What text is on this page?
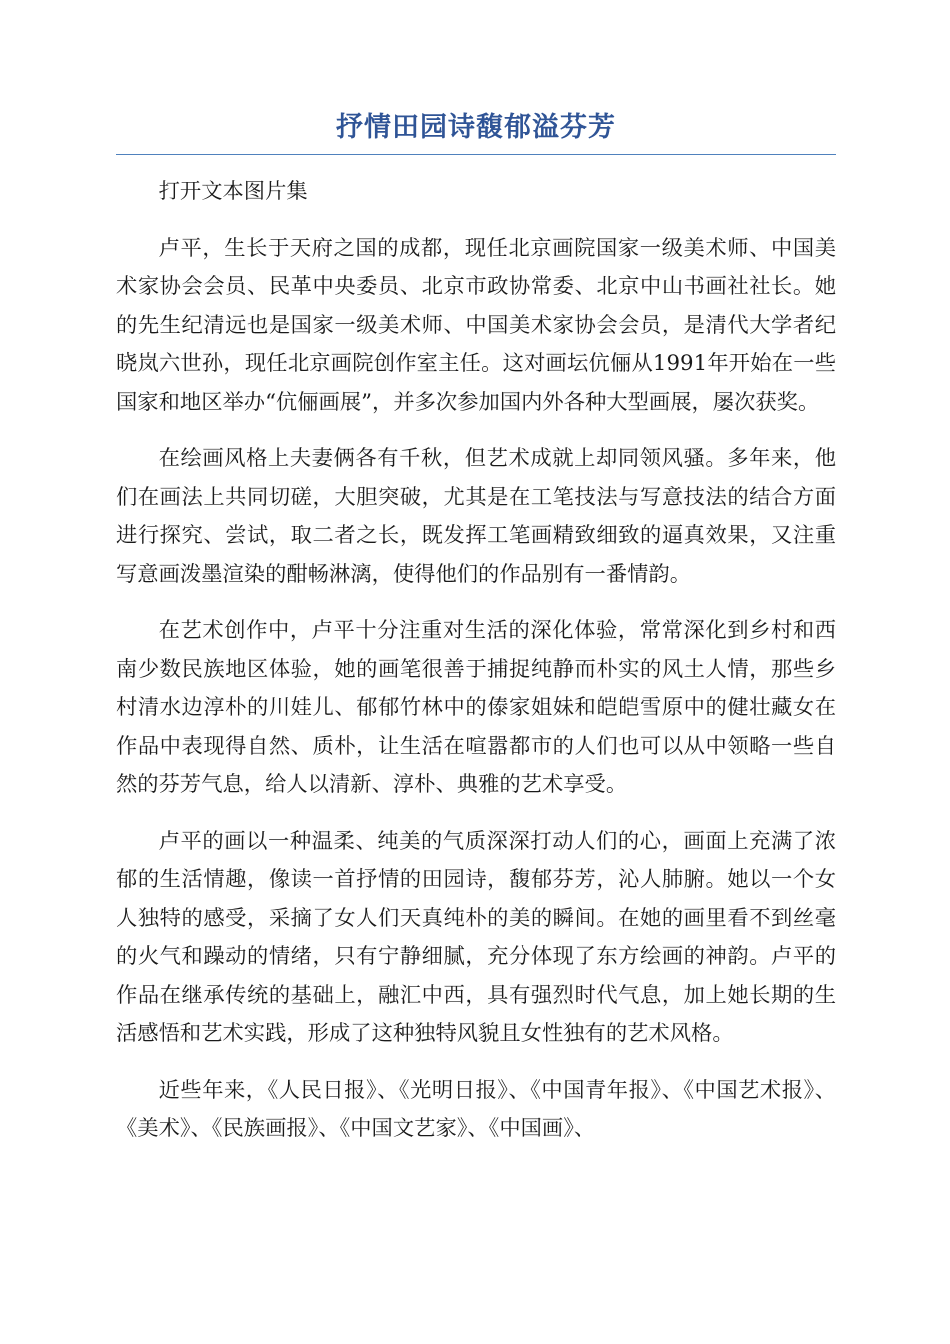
抒情田园诗馥郁溢芬芳

打开文本图片集

卢平，生长于天府之国的成都，现任北京画院国家一级美术师、中国美术家协会会员、民革中央委员、北京市政协常委、北京中山书画社社长。她的先生纪清远也是国家一级美术师、中国美术家协会会员，是清代大学者纪晓岚六世孙，现任北京画院创作室主任。这对画坛伉俪从1991年开始在一些国家和地区举办“伉俪画展”，并多次参加国内外各种大型画展，屡次获奖。

在绘画风格上夫妻俩各有千秋，但艺术成就上却同领风骚。多年来，他们在画法上共同切磋，大胆突破，尤其是在工笔技法与写意技法的结合方面进行探究、尝试，取二者之长，既发挥工笔画精致细致的逼真效果，又注重写意画泼墨渲染的酣畅淋漓，使得他们的作品别有一番情韵。

在艺术创作中，卢平十分注重对生活的深化体验，常常深化到乡村和西南少数民族地区体验，她的画笔很善于捕捉纯静而朴实的风土人情，那些乡村清水边淳朴的川娃儿、郁郁竹林中的傣家姐妹和皑皑雪原中的健壮藏女在作品中表现得自然、质朴，让生活在喧嚣都市的人们也可以从中领略一些自然的芬芳气息，给人以清新、淳朴、典雅的艺术享受。

卢平的画以一种温柔、纯美的气质深深打动人们的心，画面上充满了浓郁的生活情趣，像读一首抒情的田园诗，馥郁芬芳，沁人肺腑。她以一个女人独特的感受，采摘了女人们天真纯朴的美的瞬间。在她的画里看不到丝毫的火气和躁动的情绪，只有宁静细腻，充分体现了东方绘画的神韵。卢平的作品在继承传统的基础上，融汇中西，具有强烈时代气息，加上她长期的生活感悟和艺术实践，形成了这种独特风貌且女性独有的艺术风格。

近些年来，《人民日报》、《光明日报》、《中国青年报》、《中国艺术报》、《美术》、《民族画报》、《中国文艺家》、《中国画》、
